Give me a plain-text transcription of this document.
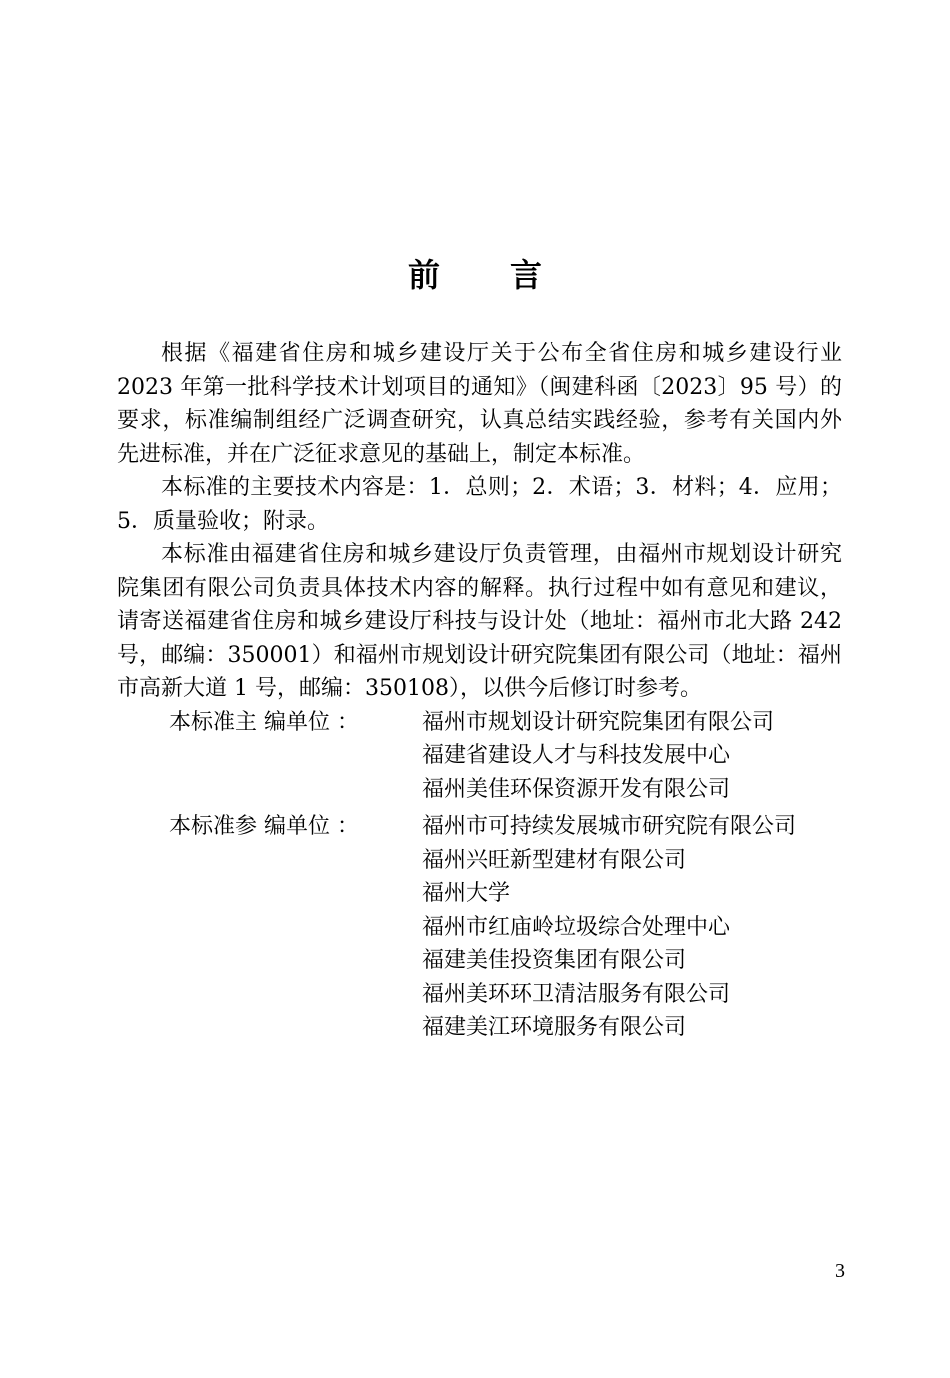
前 言

根据《福建省住房和城乡建设厅关于公布全省住房和城乡建设行业 2023 年第一批科学技术计划项目的通知》（闽建科函〔2023〕95 号）的要求，标准编制组经广泛调查研究，认真总结实践经验，参考有关国内外先进标准，并在广泛征求意见的基础上，制定本标准。

本标准的主要技术内容是：1．总则；2．术语；3．材料；4．应用；5．质量验收；附录。

本标准由福建省住房和城乡建设厅负责管理，由福州市规划设计研究院集团有限公司负责具体技术内容的解释。执行过程中如有意见和建议，请寄送福建省住房和城乡建设厅科技与设计处（地址：福州市北大路 242 号，邮编：350001）和福州市规划设计研究院集团有限公司（地址：福州市高新大道 1 号，邮编：350108），以供今后修订时参考。

本标准主 编单位 ：	福州市规划设计研究院集团有限公司
福建省建设人才与科技发展中心
福州美佳环保资源开发有限公司
本标准参 编单位 ：	福州市可持续发展城市研究院有限公司
福州兴旺新型建材有限公司
福州大学
福州市红庙岭垃圾综合处理中心
福建美佳投资集团有限公司
福州美环环卫清洁服务有限公司
福建美江环境服务有限公司
3
